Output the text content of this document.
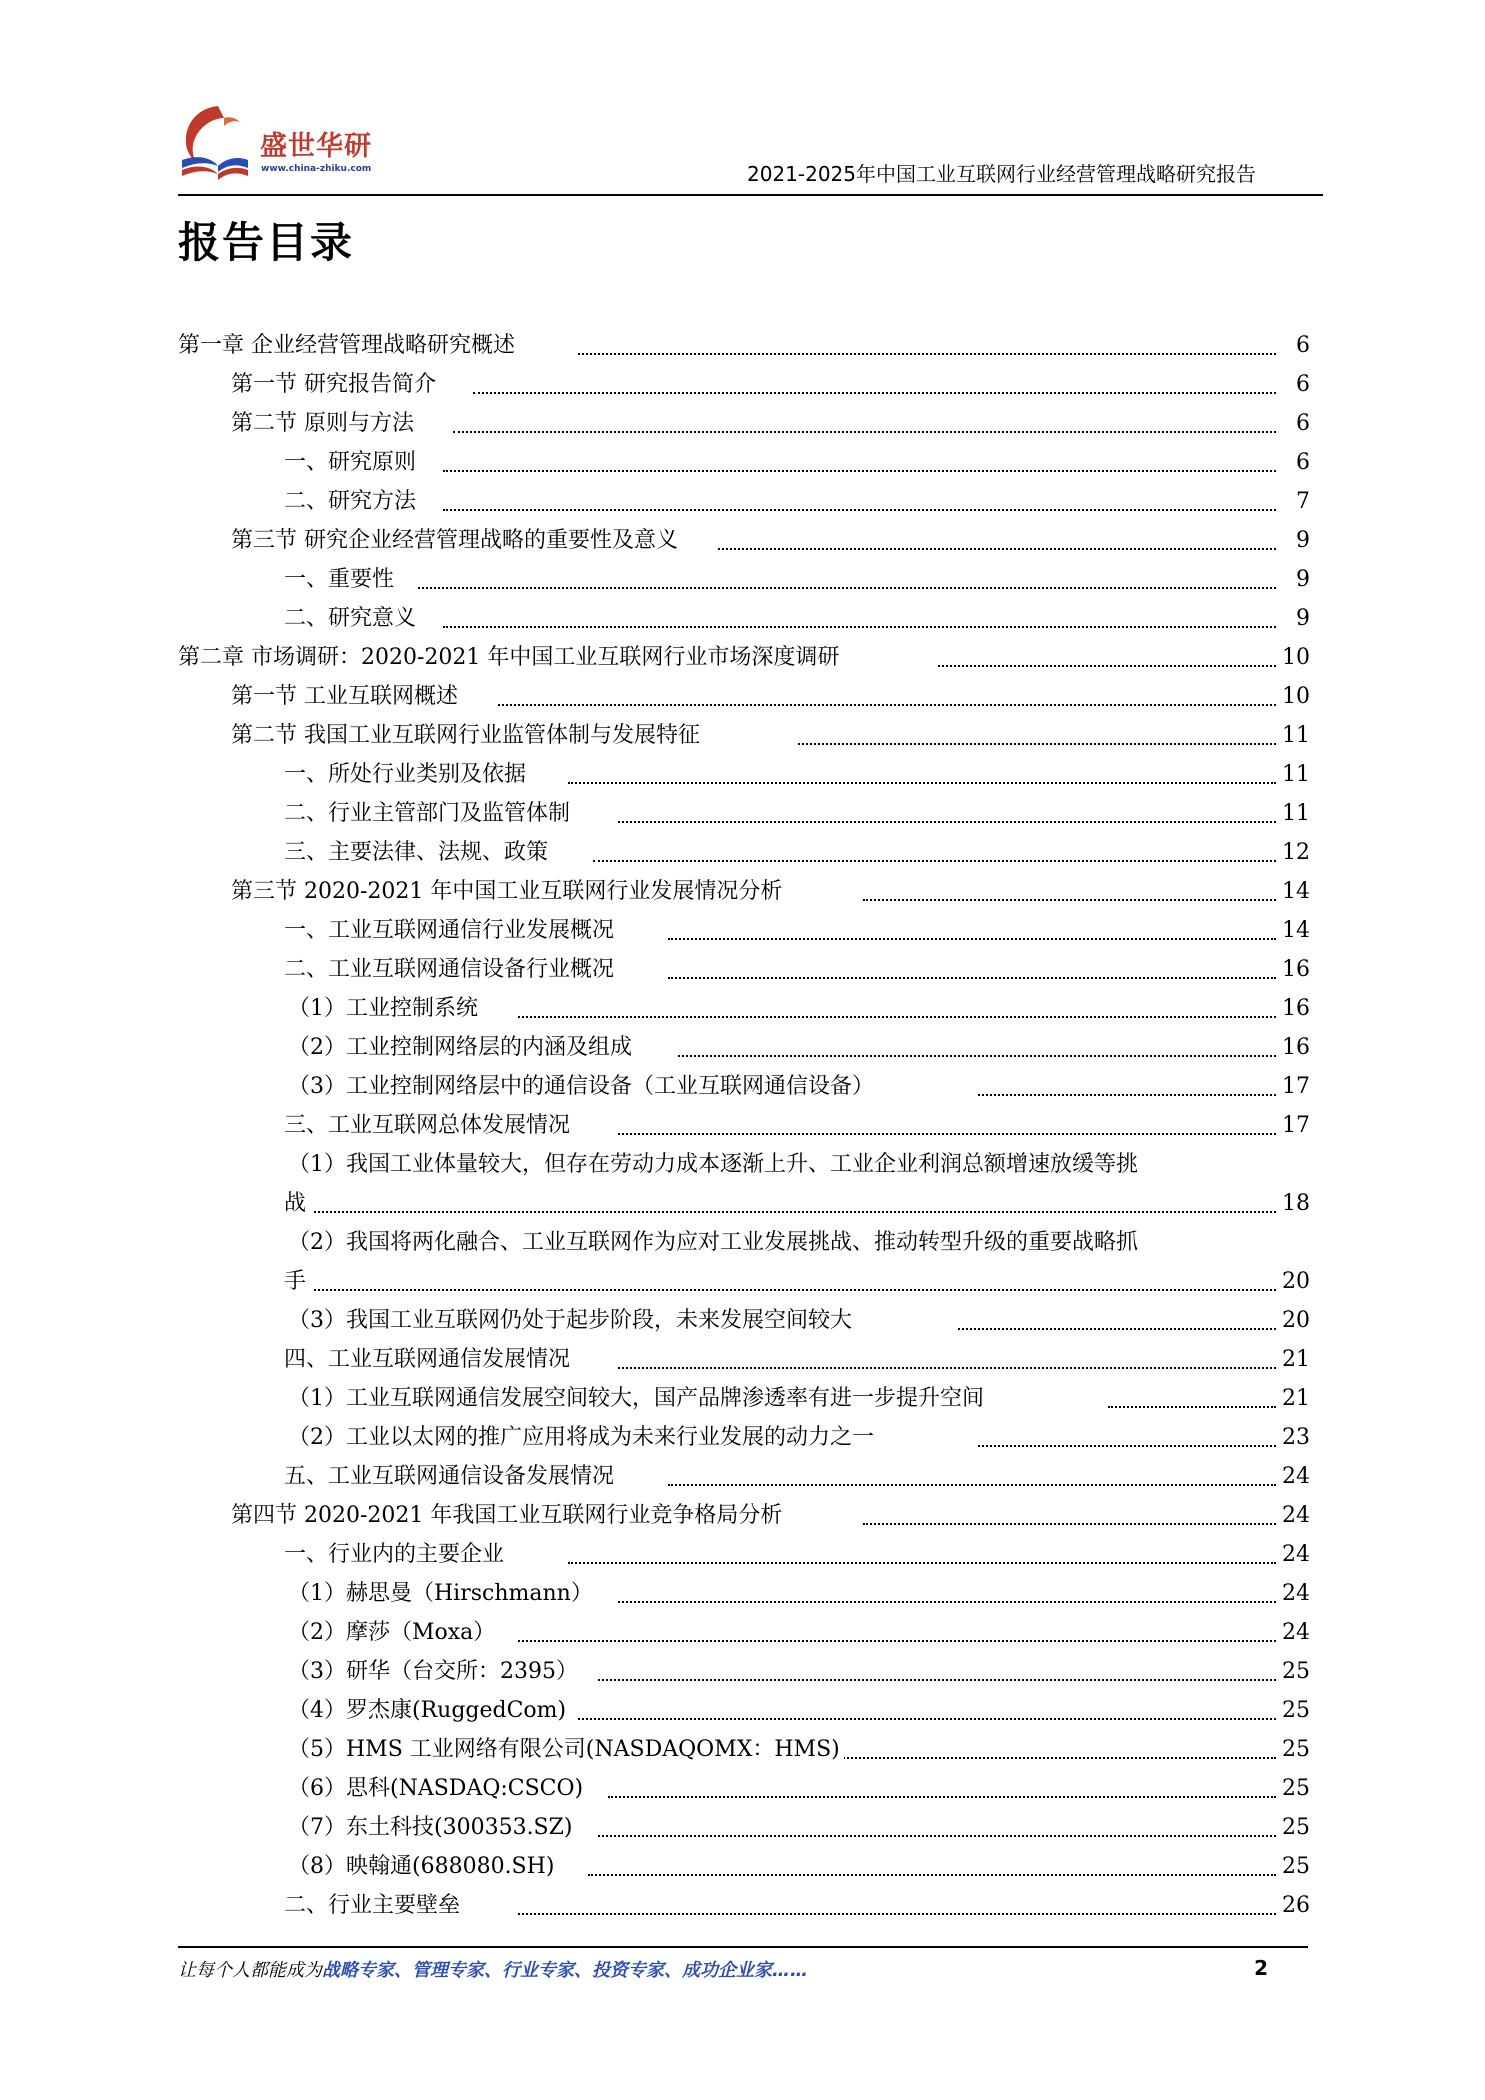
盛世华研
www.china-zhiku.com	2021-2025年中国工业互联网行业经营管理战略研究报告
报告目录
第一章 企业经营管理战略研究概述	6
第一节 研究报告简介	6
第二节 原则与方法	6
一、研究原则	6
二、研究方法	7
第三节 研究企业经营管理战略的重要性及意义	9
一、重要性	9
二、研究意义	9
第二章 市场调研：2020-2021 年中国工业互联网行业市场深度调研	10
第一节 工业互联网概述	10
第二节 我国工业互联网行业监管体制与发展特征	11
一、所处行业类别及依据	11
二、行业主管部门及监管体制	11
三、主要法律、法规、政策	12
第三节 2020-2021 年中国工业互联网行业发展情况分析	14
一、工业互联网通信行业发展概况	14
二、工业互联网通信设备行业概况	16
（1）工业控制系统	16
（2）工业控制网络层的内涵及组成	16
（3）工业控制网络层中的通信设备（工业互联网通信设备）	17
三、工业互联网总体发展情况	17
（1）我国工业体量较大，但存在劳动力成本逐渐上升、工业企业利润总额增速放缓等挑
战	18
（2）我国将两化融合、工业互联网作为应对工业发展挑战、推动转型升级的重要战略抓
手	20
（3）我国工业互联网仍处于起步阶段，未来发展空间较大	20
四、工业互联网通信发展情况	21
（1）工业互联网通信发展空间较大，国产品牌渗透率有进一步提升空间	21
（2）工业以太网的推广应用将成为未来行业发展的动力之一	23
五、工业互联网通信设备发展情况	24
第四节 2020-2021 年我国工业互联网行业竞争格局分析	24
一、行业内的主要企业	24
（1）赫思曼（Hirschmann）	24
（2）摩莎（Moxa）	24
（3）研华（台交所：2395）	25
（4）罗杰康(RuggedCom)	25
（5）HMS 工业网络有限公司(NASDAQOMX：HMS)	25
（6）思科(NASDAQ:CSCO)	25
（7）东土科技(300353.SZ)	25
（8）映翰通(688080.SH)	25
二、行业主要壁垒	26
让每个人都能成为战略专家、管理专家、行业专家、投资专家、成功企业家……	2
